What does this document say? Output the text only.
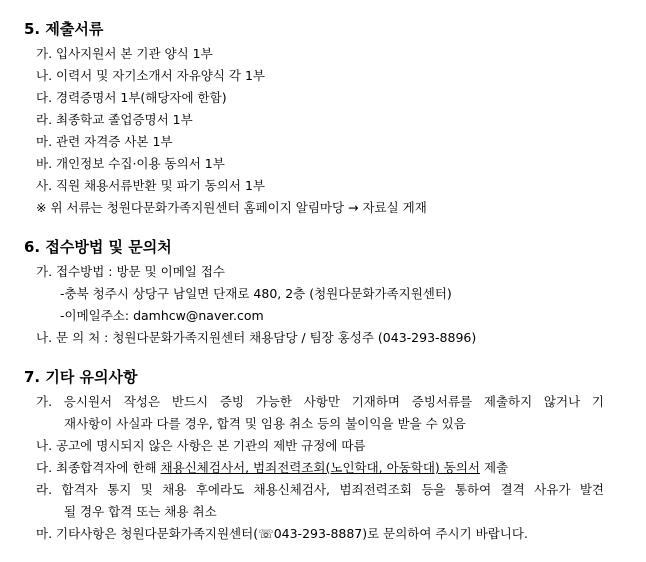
5. 제출서류
가. 입사지원서 본 기관 양식 1부
나. 이력서 및 자기소개서 자유양식 각 1부
다. 경력증명서 1부(해당자에 한함)
라. 최종학교 졸업증명서 1부
마. 관련 자격증 사본 1부
바. 개인정보 수집·이용 동의서 1부
사. 직원 채용서류반환 및 파기 동의서 1부
※ 위 서류는 청원다문화가족지원센터 홈페이지 알림마당 → 자료실 게재
6. 접수방법 및 문의처
가. 접수방법 : 방문 및 이메일 접수
-충북 청주시 상당구 남일면 단재로 480, 2층 (청원다문화가족지원센터)
-이메일주소: damhcw@naver.com
나. 문 의 처 : 청원다문화가족지원센터 채용담당 / 팀장 홍성주 (043-293-8896)
7. 기타 유의사항
가. 응시원서 작성은 반드시 증빙 가능한 사항만 기재하며 증빙서류를 제출하지 않거나 기
재사항이 사실과 다를 경우, 합격 및 임용 취소 등의 불이익을 받을 수 있음
나. 공고에 명시되지 않은 사항은 본 기관의 제반 규정에 따름
다. 최종합격자에 한해 채용신체검사서, 범죄전력조회(노인학대, 아동학대) 동의서 제출
라. 합격자 통지 및 채용 후에라도 채용신체검사, 범죄전력조회 등을 통하여 결격 사유가 발견
될 경우 합격 또는 채용 취소
마. 기타사항은 청원다문화가족지원센터(☏043-293-8887)로 문의하여 주시기 바랍니다.
